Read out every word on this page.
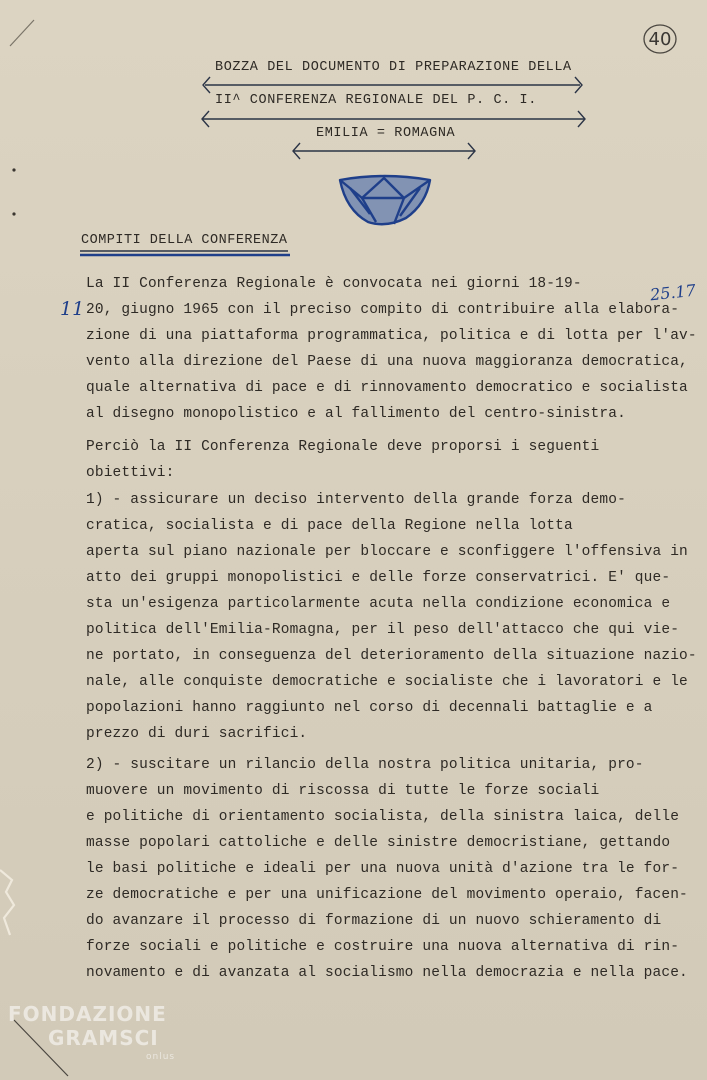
40
BOZZA DEL DOCUMENTO DI PREPARAZIONE DELLA
II^ CONFERENZA REGIONALE DEL P. C. I.
EMILIA = ROMAGNA
COMPITI DELLA CONFERENZA
11
25.17
La II Conferenza Regionale è convocata nei giorni 18-19-
20, giugno 1965 con il preciso compito di contribuire alla elabora-
zione di una piattaforma programmatica, politica e di lotta per l'av-
vento alla direzione del Paese di una nuova maggioranza democratica,
quale alternativa di pace e di rinnovamento democratico e socialista
al disegno monopolistico e al fallimento del centro-sinistra.
Perciò la II Conferenza Regionale deve proporsi i seguenti
obiettivi:
1) - assicurare un deciso intervento della grande forza demo-
cratica, socialista e di pace della Regione nella lotta
aperta sul piano nazionale per bloccare e sconfiggere l'offensiva in
atto dei gruppi monopolistici e delle forze conservatrici. E' que-
sta un'esigenza particolarmente acuta nella condizione economica e
politica dell'Emilia-Romagna, per il peso dell'attacco che qui vie-
ne portato, in conseguenza del deterioramento della situazione nazio-
nale, alle conquiste democratiche e socialiste che i lavoratori e le
popolazioni hanno raggiunto nel corso di decennali battaglie e a
prezzo di duri sacrifici.
2) - suscitare un rilancio della nostra politica unitaria, pro-
muovere un movimento di riscossa di tutte le forze sociali
e politiche di orientamento socialista, della sinistra laica, delle
masse popolari cattoliche e delle sinistre democristiane, gettando
le basi politiche e ideali per una nuova unità d'azione tra le for-
ze democratiche e per una unificazione del movimento operaio, facen-
do avanzare il processo di formazione di un nuovo schieramento di
forze sociali e politiche e costruire una nuova alternativa di rin-
novamento e di avanzata al socialismo nella democrazia e nella pace.
FONDAZIONE
GRAMSCI
onlus
